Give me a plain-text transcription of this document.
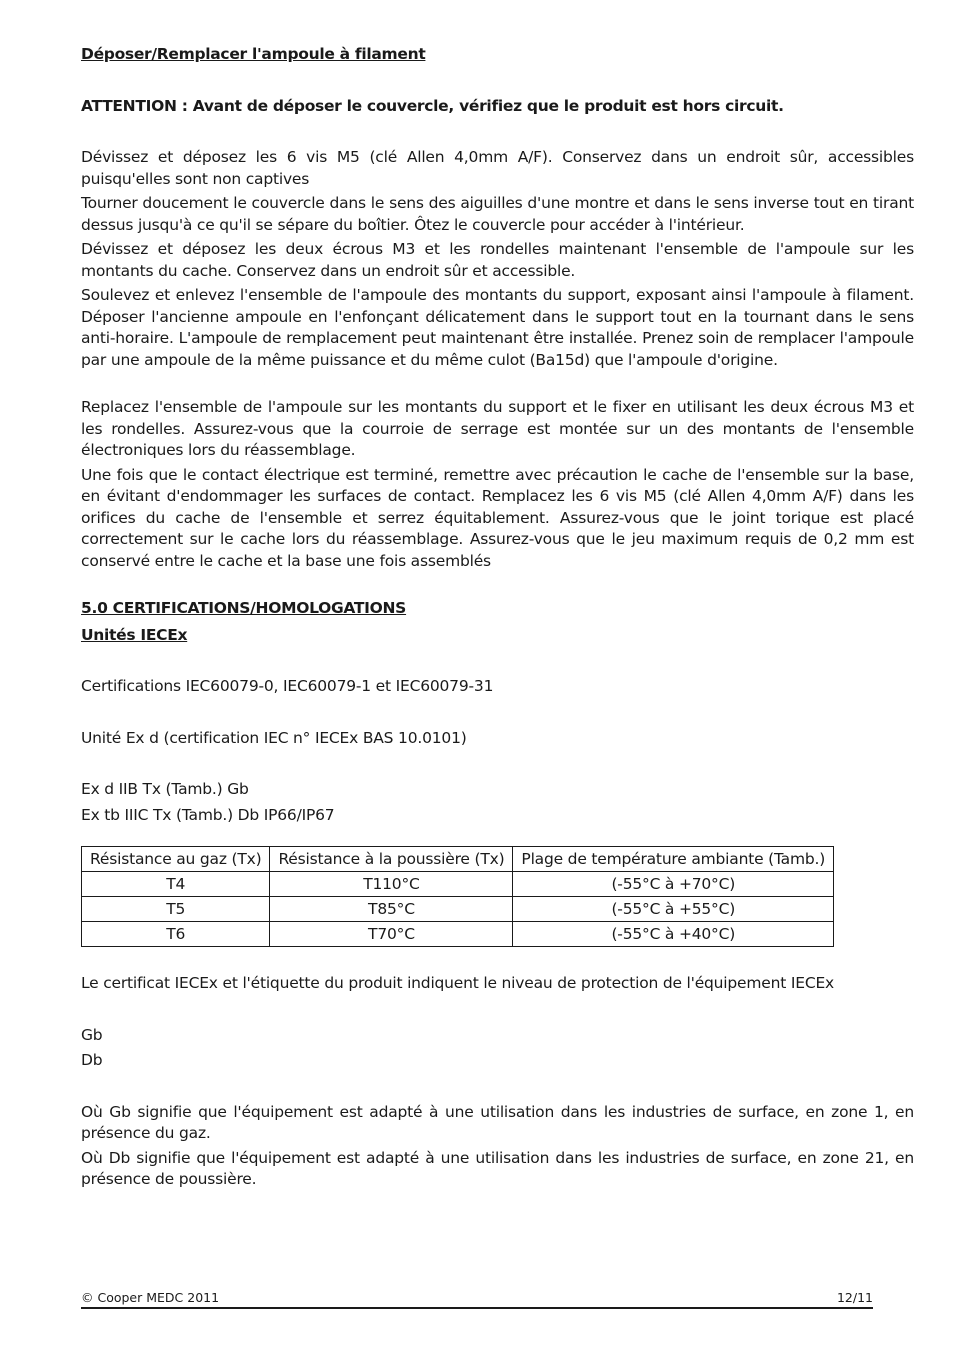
Déposer/Remplacer l'ampoule à filament

ATTENTION : Avant de déposer le couvercle, vérifiez que le produit est hors circuit.

Dévissez et déposez les 6 vis M5 (clé Allen 4,0mm A/F). Conservez dans un endroit sûr, accessibles puisqu'elles sont non captives

Tourner doucement le couvercle dans le sens des aiguilles d'une montre et dans le sens inverse tout en tirant dessus jusqu'à ce qu'il se sépare du boîtier. Ôtez le couvercle pour accéder à l'intérieur.

Dévissez et déposez les deux écrous M3 et les rondelles maintenant l'ensemble de l'ampoule sur les montants du cache. Conservez dans un endroit sûr et accessible.

Soulevez et enlevez l'ensemble de l'ampoule des montants du support, exposant ainsi l'ampoule à filament. Déposer l'ancienne ampoule en l'enfonçant délicatement dans le support tout en la tournant dans le sens anti-horaire. L'ampoule de remplacement peut maintenant être installée. Prenez soin de remplacer l'ampoule par une ampoule de la même puissance et du même culot (Ba15d) que l'ampoule d'origine.

Replacez l'ensemble de l'ampoule sur les montants du support et le fixer en utilisant les deux écrous M3 et les rondelles. Assurez-vous que la courroie de serrage est montée sur un des montants de l'ensemble électroniques lors du réassemblage.

Une fois que le contact électrique est terminé, remettre avec précaution le cache de l'ensemble sur la base, en évitant d'endommager les surfaces de contact. Remplacez les 6 vis M5 (clé Allen 4,0mm A/F) dans les orifices du cache de l'ensemble et serrez équitablement. Assurez-vous que le joint torique est placé correctement sur le cache lors du réassemblage. Assurez-vous que le jeu maximum requis de 0,2 mm est conservé entre le cache et la base une fois assemblés

5.0 CERTIFICATIONS/HOMOLOGATIONS

Unités IECEx

Certifications IEC60079-0, IEC60079-1 et IEC60079-31

Unité Ex d (certification IEC n° IECEx BAS 10.0101)

Ex d IIB Tx (Tamb.) Gb

Ex tb IIIC Tx (Tamb.) Db IP66/IP67

Résistance au gaz (Tx)	Résistance à la poussière (Tx)	Plage de température ambiante (Tamb.)
T4	T110°C	(-55°C à +70°C)
T5	T85°C	(-55°C à +55°C)
T6	T70°C	(-55°C à +40°C)

Le certificat IECEx et l'étiquette du produit indiquent le niveau de protection de l'équipement IECEx

Gb

Db

Où Gb signifie que l'équipement est adapté à une utilisation dans les industries de surface, en zone 1, en présence du gaz.

Où Db signifie que l'équipement est adapté à une utilisation dans les industries de surface, en zone 21, en présence de poussière.

© Cooper MEDC 2011	12/11
